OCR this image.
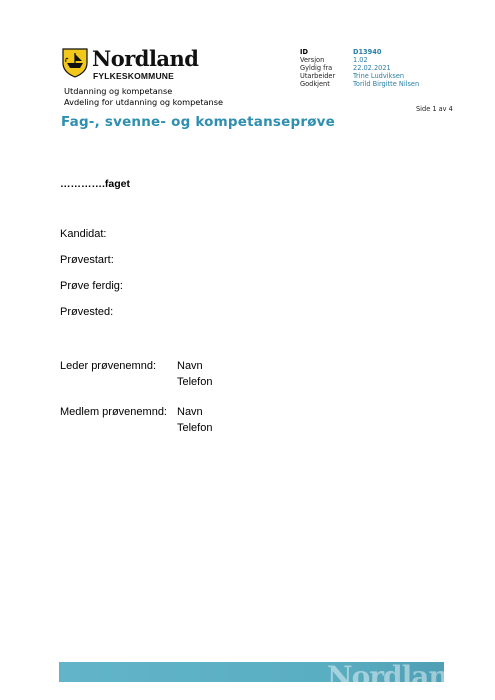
Nordland
FYLKESKOMMUNE
Utdanning og kompetanse
Avdeling for utdanning og kompetanse
ID	D13940
Versjon	1.02
Gyldig fra	22.02.2021
Utarbeider	Trine Ludviksen
Godkjent	Torild Birgitte Nilsen
Side 1 av 4
Fag-, svenne- og kompetanseprøve
………….faget
Kandidat:
Prøvestart:
Prøve ferdig:
Prøvested:
Leder prøvenemnd: Navn
Telefon
Medlem prøvenemnd: Navn
Telefon
Nordland
